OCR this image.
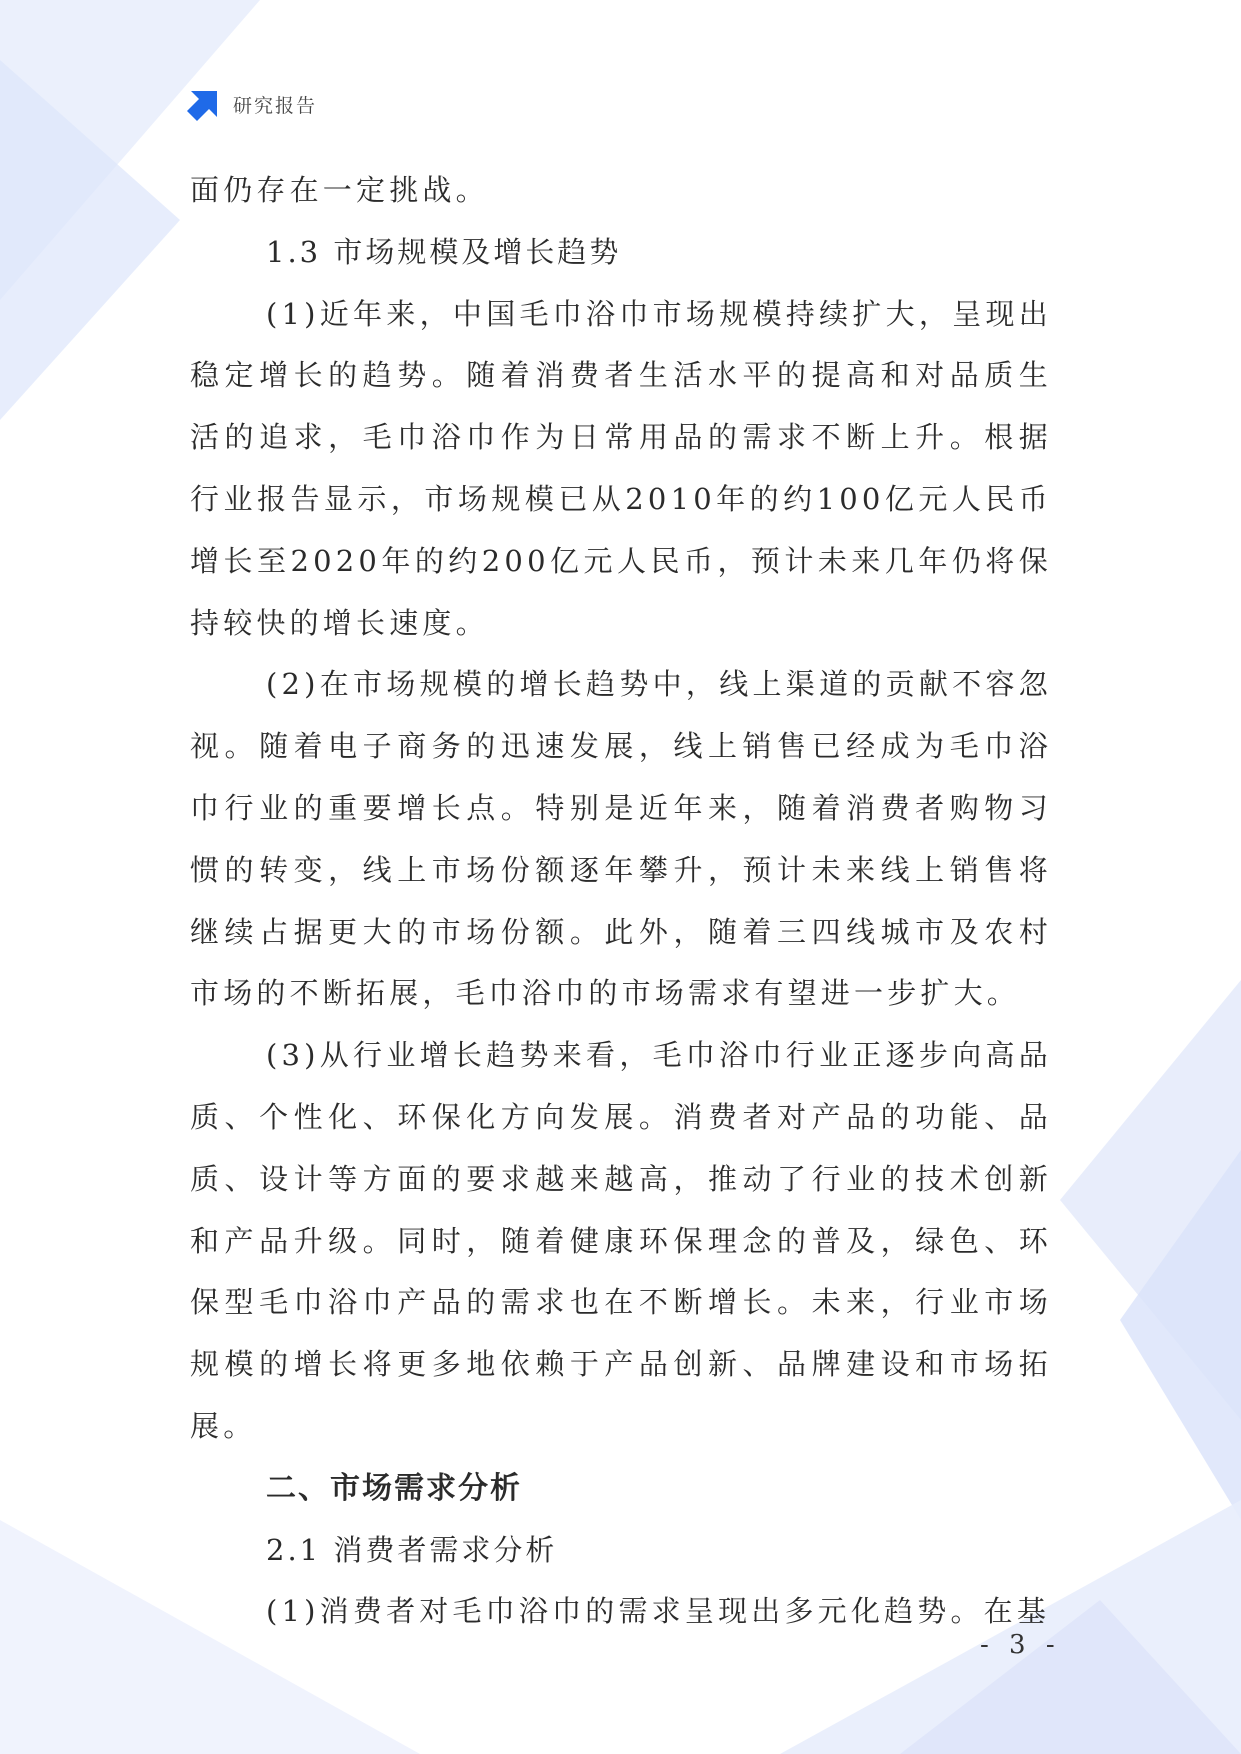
研究报告

面仍存在一定挑战。

1.3 市场规模及增长趋势

(1)近年来，中国毛巾浴巾市场规模持续扩大，呈现出稳定增长的趋势。随着消费者生活水平的提高和对品质生活的追求，毛巾浴巾作为日常用品的需求不断上升。根据行业报告显示，市场规模已从2010年的约100亿元人民币增长至2020年的约200亿元人民币，预计未来几年仍将保持较快的增长速度。

(2)在市场规模的增长趋势中，线上渠道的贡献不容忽视。随着电子商务的迅速发展，线上销售已经成为毛巾浴巾行业的重要增长点。特别是近年来，随着消费者购物习惯的转变，线上市场份额逐年攀升，预计未来线上销售将继续占据更大的市场份额。此外，随着三四线城市及农村市场的不断拓展，毛巾浴巾的市场需求有望进一步扩大。

(3)从行业增长趋势来看，毛巾浴巾行业正逐步向高品质、个性化、环保化方向发展。消费者对产品的功能、品质、设计等方面的要求越来越高，推动了行业的技术创新和产品升级。同时，随着健康环保理念的普及，绿色、环保型毛巾浴巾产品的需求也在不断增长。未来，行业市场规模的增长将更多地依赖于产品创新、品牌建设和市场拓展。

二、市场需求分析

2.1 消费者需求分析

(1)消费者对毛巾浴巾的需求呈现出多元化趋势。在基

- 3 -
